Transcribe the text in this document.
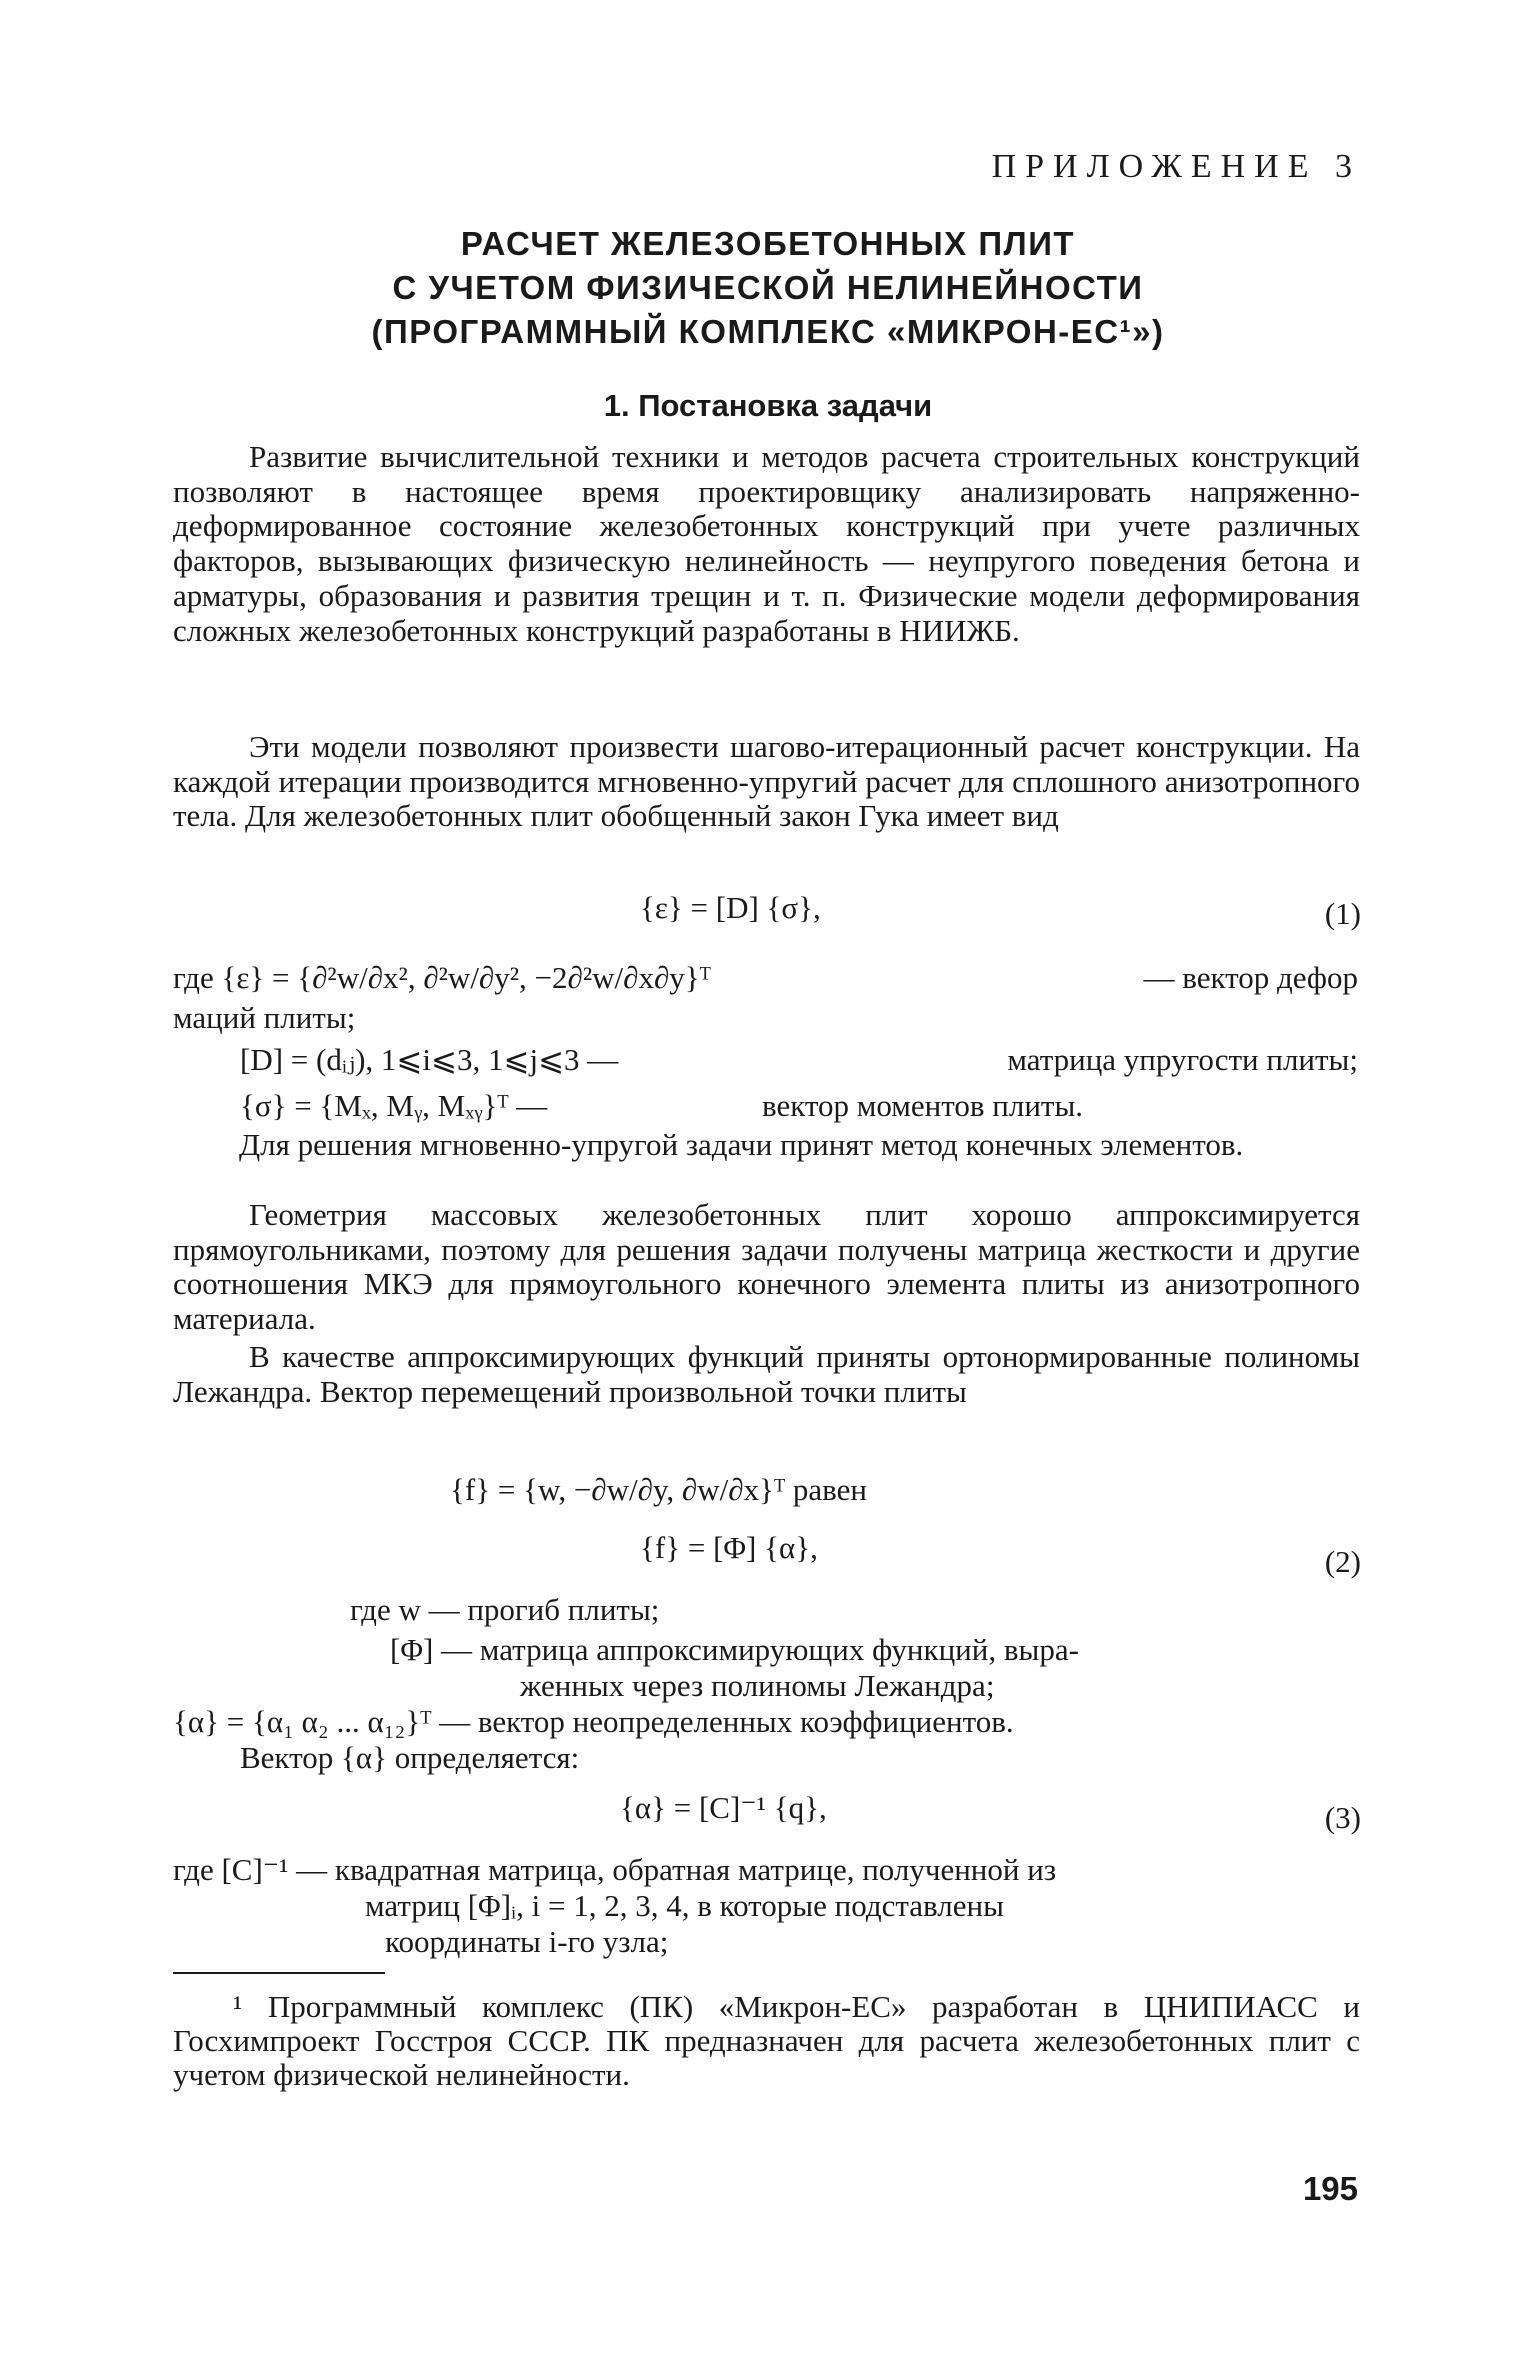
ПРИЛОЖЕНИЕ 3
РАСЧЕТ ЖЕЛЕЗОБЕТОННЫХ ПЛИТ
С УЧЕТОМ ФИЗИЧЕСКОЙ НЕЛИНЕЙНОСТИ
(ПРОГРАММНЫЙ КОМПЛЕКС «МИКРОН-ЕС¹»)
1. Постановка задачи
Развитие вычислительной техники и методов расчета строительных конструкций позволяют в настоящее время проектировщику анализировать напряженно-деформированное состояние железобетонных конструкций при учете различных факторов, вызывающих физическую нелинейность — неупругого поведения бетона и арматуры, образования и развития трещин и т. п. Физические модели деформирования сложных железобетонных конструкций разработаны в НИИЖБ.
Эти модели позволяют произвести шагово-итерационный расчет конструкции. На каждой итерации производится мгновенно-упругий расчет для сплошного анизотропного тела. Для железобетонных плит обобщенный закон Гука имеет вид
{ε} = [D] {σ},	(1)
где {ε} = {∂²w/∂x², ∂²w/∂y², −2∂²w/∂x∂y}ᵀ	— вектор дефор
маций плиты;
[D] = (dᵢⱼ), 1⩽i⩽3, 1⩽j⩽3 —	матрица упругости плиты;
{σ} = {Mₓ, Mᵧ, Mₓᵧ}ᵀ —	вектор моментов плиты.
Для решения мгновенно-упругой задачи принят метод конечных элементов.
Геометрия массовых железобетонных плит хорошо аппроксимируется прямоугольниками, поэтому для решения задачи получены матрица жесткости и другие соотношения МКЭ для прямоугольного конечного элемента плиты из анизотропного материала.
В качестве аппроксимирующих функций приняты ортонормированные полиномы Лежандра. Вектор перемещений произвольной точки плиты
{f} = {w, −∂w/∂y, ∂w/∂x}ᵀ равен
{f} = [Φ] {α},	(2)
где w — прогиб плиты;
[Φ] — матрица аппроксимирующих функций, выра-
женных через полиномы Лежандра;
{α} = {α₁ α₂ ... α₁₂}ᵀ — вектор неопределенных коэффициентов.
Вектор {α} определяется:
{α} = [C]⁻¹ {q},	(3)
где [C]⁻¹ — квадратная матрица, обратная матрице, полученной из
матриц [Φ]ᵢ, i = 1, 2, 3, 4, в которые подставлены
координаты i-го узла;
¹ Программный комплекс (ПК) «Микрон-ЕС» разработан в ЦНИПИАСС и Госхимпроект Госстроя СССР. ПК предназначен для расчета железобетонных плит с учетом физической нелинейности.
195
